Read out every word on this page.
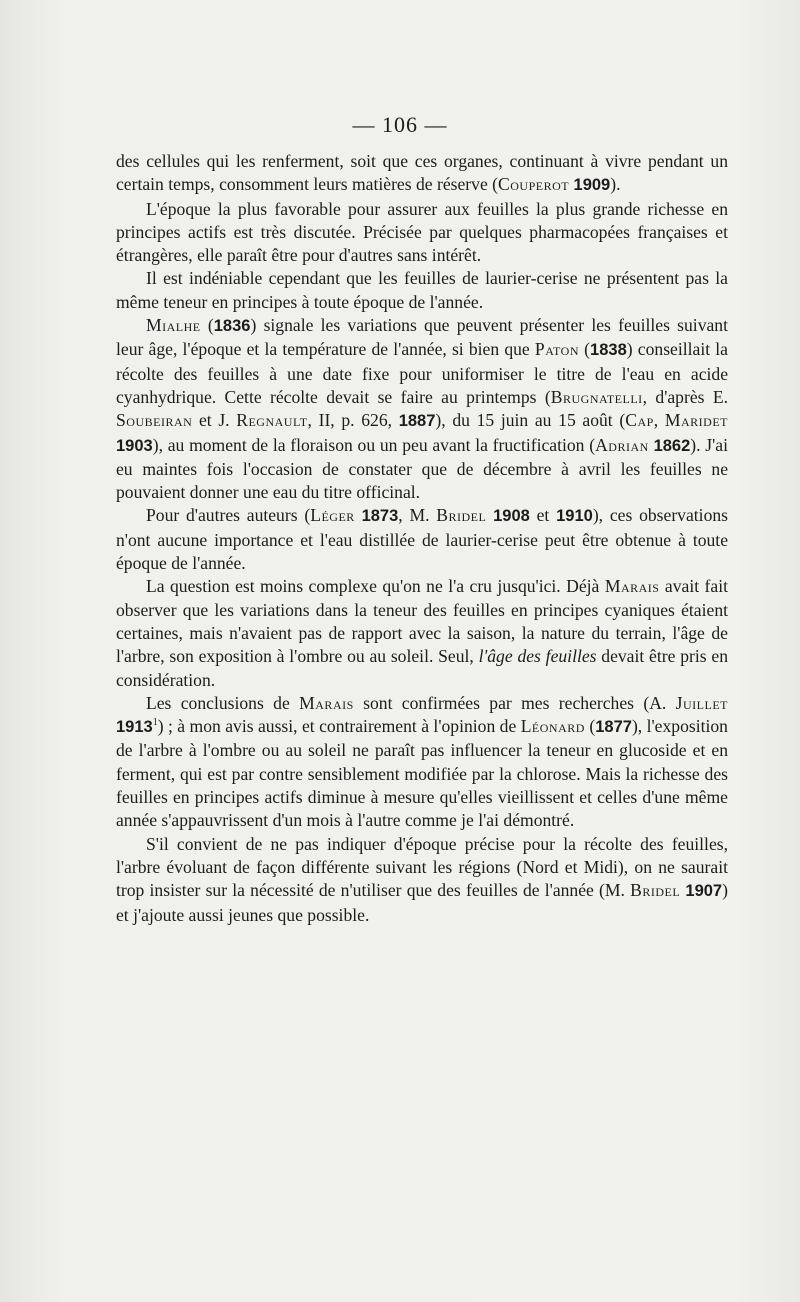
— 106 —

des cellules qui les renferment, soit que ces organes, continuant à vivre pendant un certain temps, consomment leurs matières de réserve (Couperot 1909).

L'époque la plus favorable pour assurer aux feuilles la plus grande richesse en principes actifs est très discutée. Précisée par quelques pharmacopées françaises et étrangères, elle paraît être pour d'autres sans intérêt.

Il est indéniable cependant que les feuilles de laurier-cerise ne présentent pas la même teneur en principes à toute époque de l'année.

Mialhe (1836) signale les variations que peuvent présenter les feuilles suivant leur âge, l'époque et la température de l'année, si bien que Paton (1838) conseillait la récolte des feuilles à une date fixe pour uniformiser le titre de l'eau en acide cyanhydrique. Cette récolte devait se faire au printemps (Brugnatelli, d'après E. Soubeiran et J. Regnault, II, p. 626, 1887), du 15 juin au 15 août (Cap, Maridet 1903), au moment de la floraison ou un peu avant la fructification (Adrian 1862). J'ai eu maintes fois l'occasion de constater que de décembre à avril les feuilles ne pouvaient donner une eau du titre officinal.

Pour d'autres auteurs (Léger 1873, M. Bridel 1908 et 1910), ces observations n'ont aucune importance et l'eau distillée de laurier-cerise peut être obtenue à toute époque de l'année.

La question est moins complexe qu'on ne l'a cru jusqu'ici. Déjà Marais avait fait observer que les variations dans la teneur des feuilles en principes cyaniques étaient certaines, mais n'avaient pas de rapport avec la saison, la nature du terrain, l'âge de l'arbre, son exposition à l'ombre ou au soleil. Seul, l'âge des feuilles devait être pris en considération.

Les conclusions de Marais sont confirmées par mes recherches (A. Juillet 1913$^1$) ; à mon avis aussi, et contrairement à l'opinion de Léonard (1877), l'exposition de l'arbre à l'ombre ou au soleil ne paraît pas influencer la teneur en glucoside et en ferment, qui est par contre sensiblement modifiée par la chlorose. Mais la richesse des feuilles en principes actifs diminue à mesure qu'elles vieillissent et celles d'une même année s'appauvrissent d'un mois à l'autre comme je l'ai démontré.

S'il convient de ne pas indiquer d'époque précise pour la récolte des feuilles, l'arbre évoluant de façon différente suivant les régions (Nord et Midi), on ne saurait trop insister sur la nécessité de n'utiliser que des feuilles de l'année (M. Bridel 1907) et j'ajoute aussi jeunes que possible.
